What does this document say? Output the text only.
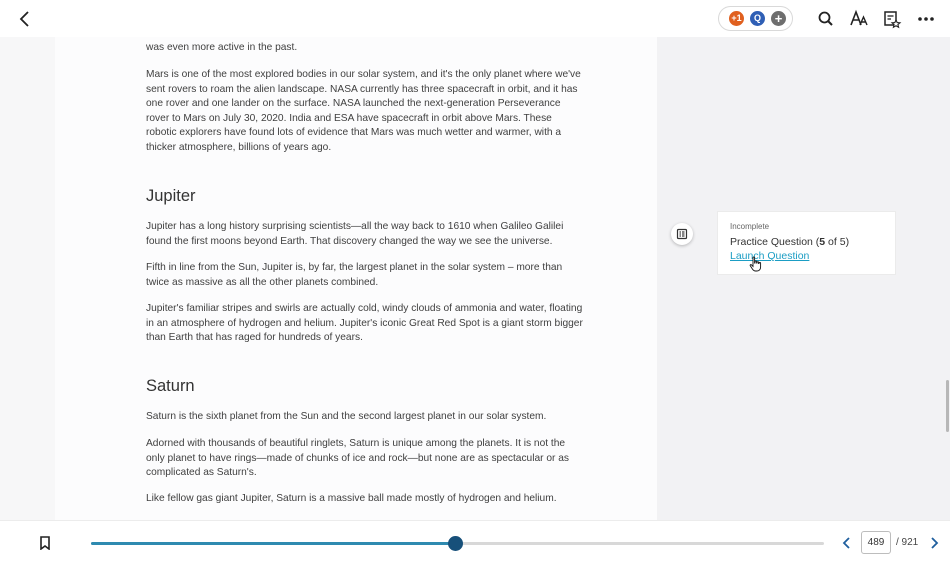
+1	Q	+

was even more active in the past.

Mars is one of the most explored bodies in our solar system, and it's the only planet where we've sent rovers to roam the alien landscape. NASA currently has three spacecraft in orbit, and it has one rover and one lander on the surface. NASA launched the next-generation Perseverance rover to Mars on July 30, 2020. India and ESA have spacecraft in orbit above Mars. These robotic explorers have found lots of evidence that Mars was much wetter and warmer, with a thicker atmosphere, billions of years ago.

Jupiter

Jupiter has a long history surprising scientists—all the way back to 1610 when Galileo Galilei found the first moons beyond Earth. That discovery changed the way we see the universe.

Fifth in line from the Sun, Jupiter is, by far, the largest planet in the solar system – more than twice as massive as all the other planets combined.

Jupiter's familiar stripes and swirls are actually cold, windy clouds of ammonia and water, floating in an atmosphere of hydrogen and helium. Jupiter's iconic Great Red Spot is a giant storm bigger than Earth that has raged for hundreds of years.

Saturn

Saturn is the sixth planet from the Sun and the second largest planet in our solar system.

Adorned with thousands of beautiful ringlets, Saturn is unique among the planets. It is not the only planet to have rings—made of chunks of ice and rock—but none are as spectacular or as complicated as Saturn's.

Like fellow gas giant Jupiter, Saturn is a massive ball made mostly of hydrogen and helium.

Incomplete
Practice Question (5 of 5)
Launch Question
489
/ 921
